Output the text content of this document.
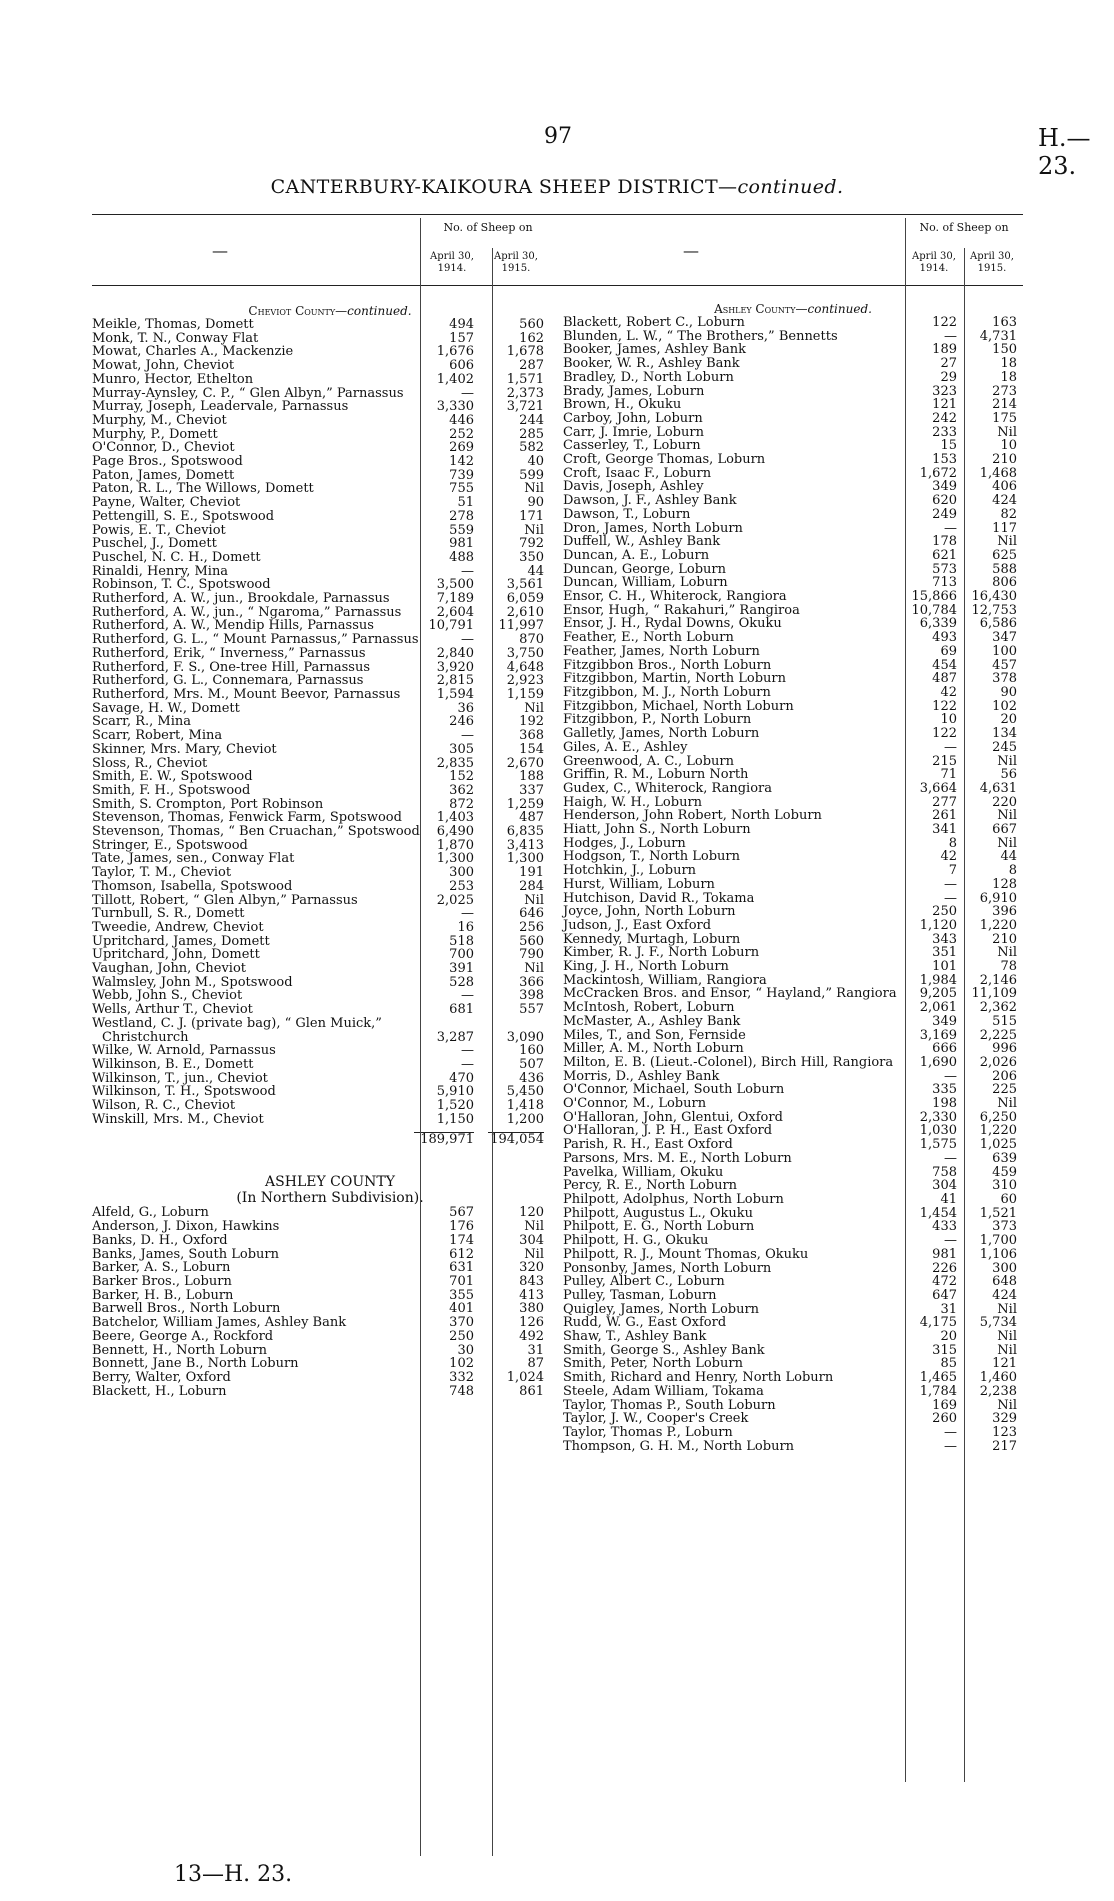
97	H.—23.
CANTERBURY-KAIKOURA SHEEP DISTRICT—continued.
—
No. of Sheep on
April 30, 1914.April 30, 1915.
Cheviot County—continued.
Meikle, Thomas, Domett	494	560
Monk, T. N., Conway Flat	157	162
Mowat, Charles A., Mackenzie	1,676	1,678
Mowat, John, Cheviot	606	287
Munro, Hector, Ethelton	1,402	1,571
Murray-Aynsley, C. P., “ Glen Albyn,” Parnassus	—	2,373
Murray, Joseph, Leadervale, Parnassus	3,330	3,721
Murphy, M., Cheviot	446	244
Murphy, P., Domett	252	285
O'Connor, D., Cheviot	269	582
Page Bros., Spotswood	142	40
Paton, James, Domett	739	599
Paton, R. L., The Willows, Domett	755	Nil
Payne, Walter, Cheviot	51	90
Pettengill, S. E., Spotswood	278	171
Powis, E. T., Cheviot	559	Nil
Puschel, J., Domett	981	792
Puschel, N. C. H., Domett	488	350
Rinaldi, Henry, Mina	—	44
Robinson, T. C., Spotswood	3,500	3,561
Rutherford, A. W., jun., Brookdale, Parnassus	7,189	6,059
Rutherford, A. W., jun., “ Ngaroma,” Parnassus	2,604	2,610
Rutherford, A. W., Mendip Hills, Parnassus	10,791	11,997
Rutherford, G. L., “ Mount Parnassus,” Parnassus	—	870
Rutherford, Erik, “ Inverness,” Parnassus	2,840	3,750
Rutherford, F. S., One-tree Hill, Parnassus	3,920	4,648
Rutherford, G. L., Connemara, Parnassus	2,815	2,923
Rutherford, Mrs. M., Mount Beevor, Parnassus	1,594	1,159
Savage, H. W., Domett	36	Nil
Scarr, R., Mina	246	192
Scarr, Robert, Mina	—	368
Skinner, Mrs. Mary, Cheviot	305	154
Sloss, R., Cheviot	2,835	2,670
Smith, E. W., Spotswood	152	188
Smith, F. H., Spotswood	362	337
Smith, S. Crompton, Port Robinson	872	1,259
Stevenson, Thomas, Fenwick Farm, Spotswood	1,403	487
Stevenson, Thomas, “ Ben Cruachan,” Spotswood	6,490	6,835
Stringer, E., Spotswood	1,870	3,413
Tate, James, sen., Conway Flat	1,300	1,300
Taylor, T. M., Cheviot	300	191
Thomson, Isabella, Spotswood	253	284
Tillott, Robert, “ Glen Albyn,” Parnassus	2,025	Nil
Turnbull, S. R., Domett	—	646
Tweedie, Andrew, Cheviot	16	256
Upritchard, James, Domett	518	560
Upritchard, John, Domett	700	790
Vaughan, John, Cheviot	391	Nil
Walmsley, John M., Spotswood	528	366
Webb, John S., Cheviot	—	398
Wells, Arthur T., Cheviot	681	557
Westland, C. J. (private bag), “ Glen Muick,” Christchurch	3,287	3,090
Wilke, W. Arnold, Parnassus	—	160
Wilkinson, B. E., Domett	—	507
Wilkinson, T., jun., Cheviot	470	436
Wilkinson, T. H., Spotswood	5,910	5,450
Wilson, R. C., Cheviot	1,520	1,418
Winskill, Mrs. M., Cheviot	1,150	1,200
189,971 194,054
ASHLEY COUNTY
(In Northern Subdivision).
Alfeld, G., Loburn	567	120
Anderson, J. Dixon, Hawkins	176	Nil
Banks, D. H., Oxford	174	304
Banks, James, South Loburn	612	Nil
Barker, A. S., Loburn	631	320
Barker Bros., Loburn	701	843
Barker, H. B., Loburn	355	413
Barwell Bros., North Loburn	401	380
Batchelor, William James, Ashley Bank	370	126
Beere, George A., Rockford	250	492
Bennett, H., North Loburn	30	31
Bonnett, Jane B., North Loburn	102	87
Berry, Walter, Oxford	332	1,024
Blackett, H., Loburn	748	861
—
No. of Sheep on
April 30, 1914.April 30, 1915.
Ashley County—continued.
Blackett, Robert C., Loburn	122	163
Blunden, L. W., “ The Brothers,” Bennetts	—	4,731
Booker, James, Ashley Bank	189	150
Booker, W. R., Ashley Bank	27	18
Bradley, D., North Loburn	29	18
Brady, James, Loburn	323	273
Brown, H., Okuku	121	214
Carboy, John, Loburn	242	175
Carr, J. Imrie, Loburn	233	Nil
Casserley, T., Loburn	15	10
Croft, George Thomas, Loburn	153	210
Croft, Isaac F., Loburn	1,672	1,468
Davis, Joseph, Ashley	349	406
Dawson, J. F., Ashley Bank	620	424
Dawson, T., Loburn	249	82
Dron, James, North Loburn	—	117
Duffell, W., Ashley Bank	178	Nil
Duncan, A. E., Loburn	621	625
Duncan, George, Loburn	573	588
Duncan, William, Loburn	713	806
Ensor, C. H., Whiterock, Rangiora	15,866	16,430
Ensor, Hugh, “ Rakahuri,” Rangiroa	10,784	12,753
Ensor, J. H., Rydal Downs, Okuku	6,339	6,586
Feather, E., North Loburn	493	347
Feather, James, North Loburn	69	100
Fitzgibbon Bros., North Loburn	454	457
Fitzgibbon, Martin, North Loburn	487	378
Fitzgibbon, M. J., North Loburn	42	90
Fitzgibbon, Michael, North Loburn	122	102
Fitzgibbon, P., North Loburn	10	20
Galletly, James, North Loburn	122	134
Giles, A. E., Ashley	—	245
Greenwood, A. C., Loburn	215	Nil
Griffin, R. M., Loburn North	71	56
Gudex, C., Whiterock, Rangiora	3,664	4,631
Haigh, W. H., Loburn	277	220
Henderson, John Robert, North Loburn	261	Nil
Hiatt, John S., North Loburn	341	667
Hodges, J., Loburn	8	Nil
Hodgson, T., North Loburn	42	44
Hotchkin, J., Loburn	7	8
Hurst, William, Loburn	—	128
Hutchison, David R., Tokama	—	6,910
Joyce, John, North Loburn	250	396
Judson, J., East Oxford	1,120	1,220
Kennedy, Murtagh, Loburn	343	210
Kimber, R. J. F., North Loburn	351	Nil
King, J. H., North Loburn	101	78
Mackintosh, William, Rangiora	1,984	2,146
McCracken Bros. and Ensor, “ Hayland,” Rangiora	9,205	11,109
McIntosh, Robert, Loburn	2,061	2,362
McMaster, A., Ashley Bank	349	515
Miles, T., and Son, Fernside	3,169	2,225
Miller, A. M., North Loburn	666	996
Milton, E. B. (Lieut.-Colonel), Birch Hill, Rangiora	1,690	2,026
Morris, D., Ashley Bank	—	206
O'Connor, Michael, South Loburn	335	225
O'Connor, M., Loburn	198	Nil
O'Halloran, John, Glentui, Oxford	2,330	6,250
O'Halloran, J. P. H., East Oxford	1,030	1,220
Parish, R. H., East Oxford	1,575	1,025
Parsons, Mrs. M. E., North Loburn	—	639
Pavelka, William, Okuku	758	459
Percy, R. E., North Loburn	304	310
Philpott, Adolphus, North Loburn	41	60
Philpott, Augustus L., Okuku	1,454	1,521
Philpott, E. G., North Loburn	433	373
Philpott, H. G., Okuku	—	1,700
Philpott, R. J., Mount Thomas, Okuku	981	1,106
Ponsonby, James, North Loburn	226	300
Pulley, Albert C., Loburn	472	648
Pulley, Tasman, Loburn	647	424
Quigley, James, North Loburn	31	Nil
Rudd, W. G., East Oxford	4,175	5,734
Shaw, T., Ashley Bank	20	Nil
Smith, George S., Ashley Bank	315	Nil
Smith, Peter, North Loburn	85	121
Smith, Richard and Henry, North Loburn	1,465	1,460
Steele, Adam William, Tokama	1,784	2,238
Taylor, Thomas P., South Loburn	169	Nil
Taylor, J. W., Cooper's Creek	260	329
Taylor, Thomas P., Loburn	—	123
Thompson, G. H. M., North Loburn	—	217
13—H. 23.
